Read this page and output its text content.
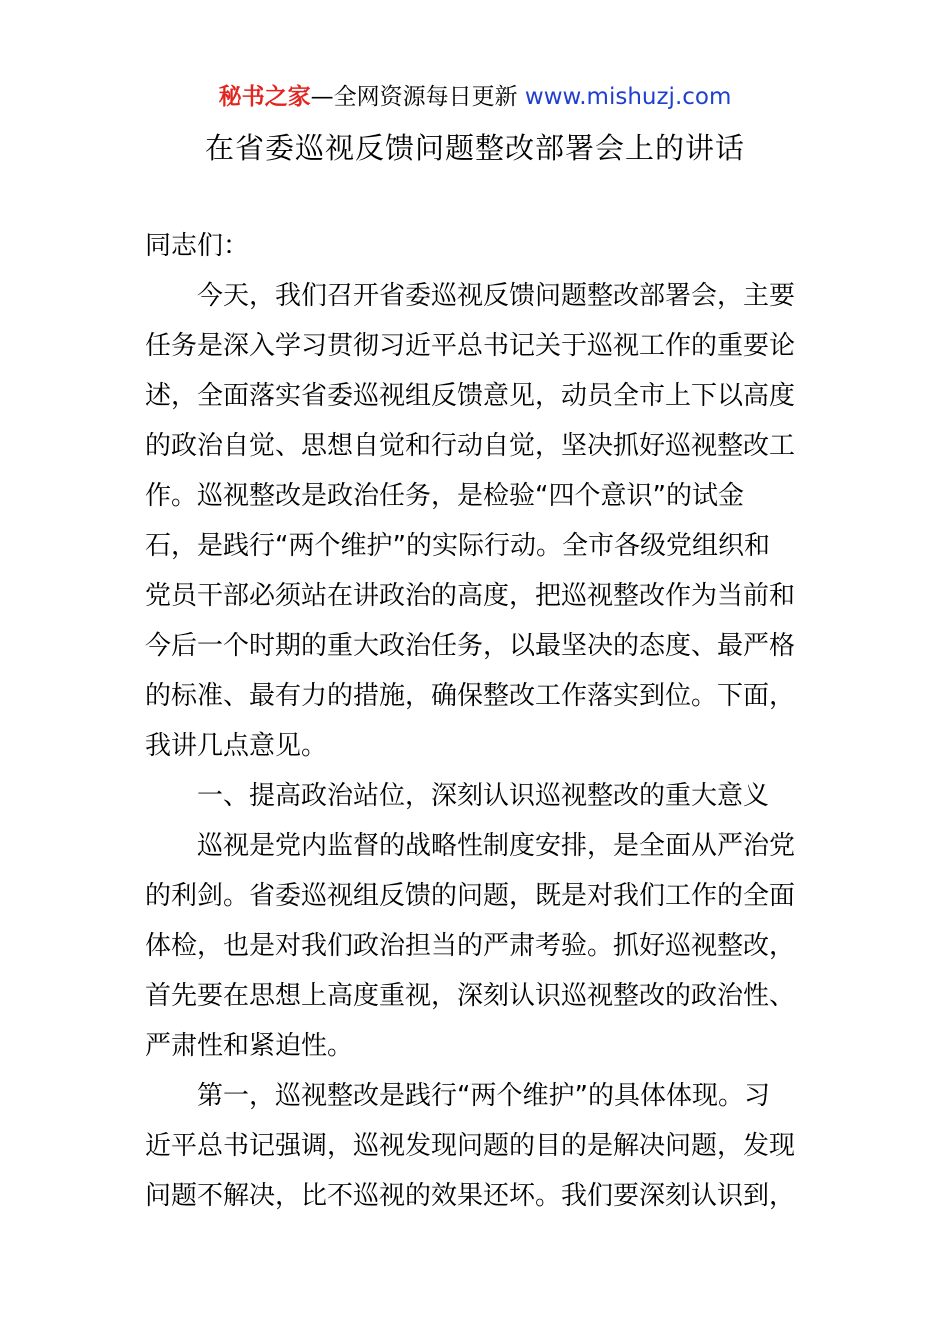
秘书之家—全网资源每日更新 www.mishuzj.com
在省委巡视反馈问题整改部署会上的讲话
同志们：
　　今天，我们召开省委巡视反馈问题整改部署会，主要
任务是深入学习贯彻习近平总书记关于巡视工作的重要论
述，全面落实省委巡视组反馈意见，动员全市上下以高度
的政治自觉、思想自觉和行动自觉，坚决抓好巡视整改工
作。巡视整改是政治任务，是检验“四个意识”的试金
石，是践行“两个维护”的实际行动。全市各级党组织和
党员干部必须站在讲政治的高度，把巡视整改作为当前和
今后一个时期的重大政治任务，以最坚决的态度、最严格
的标准、最有力的措施，确保整改工作落实到位。下面，
我讲几点意见。
　　一、提高政治站位，深刻认识巡视整改的重大意义
　　巡视是党内监督的战略性制度安排，是全面从严治党
的利剑。省委巡视组反馈的问题，既是对我们工作的全面
体检，也是对我们政治担当的严肃考验。抓好巡视整改，
首先要在思想上高度重视，深刻认识巡视整改的政治性、
严肃性和紧迫性。
　　第一，巡视整改是践行“两个维护”的具体体现。习
近平总书记强调，巡视发现问题的目的是解决问题，发现
问题不解决，比不巡视的效果还坏。我们要深刻认识到，
